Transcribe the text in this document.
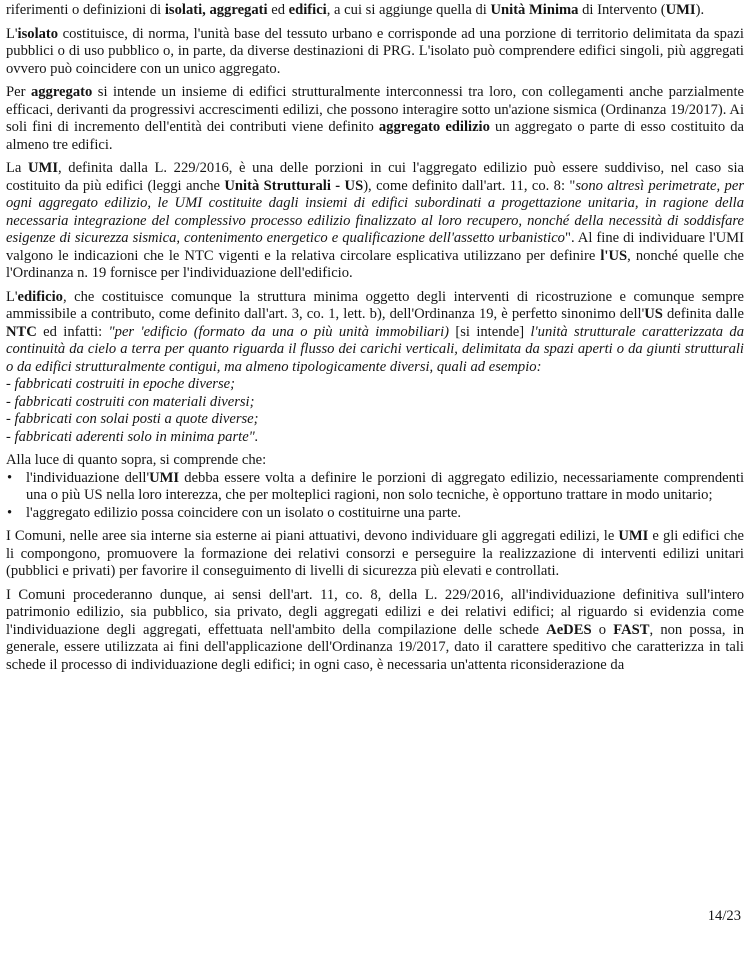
riferimenti o definizioni di isolati, aggregati ed edifici, a cui si aggiunge quella di Unità Minima di Intervento (UMI).

L'isolato costituisce, di norma, l'unità base del tessuto urbano e corrisponde ad una porzione di territorio delimitata da spazi pubblici o di uso pubblico o, in parte, da diverse destinazioni di PRG. L'isolato può comprendere edifici singoli, più aggregati ovvero può coincidere con un unico aggregato.

Per aggregato si intende un insieme di edifici strutturalmente interconnessi tra loro, con collegamenti anche parzialmente efficaci, derivanti da progressivi accrescimenti edilizi, che possono interagire sotto un'azione sismica (Ordinanza 19/2017). Ai soli fini di incremento dell'entità dei contributi viene definito aggregato edilizio un aggregato o parte di esso costituito da almeno tre edifici.

La UMI, definita dalla L. 229/2016, è una delle porzioni in cui l'aggregato edilizio può essere suddiviso, nel caso sia costituito da più edifici (leggi anche Unità Strutturali - US), come definito dall'art. 11, co. 8: "sono altresì perimetrate, per ogni aggregato edilizio, le UMI costituite dagli insiemi di edifici subordinati a progettazione unitaria, in ragione della necessaria integrazione del complessivo processo edilizio finalizzato al loro recupero, nonché della necessità di soddisfare esigenze di sicurezza sismica, contenimento energetico e qualificazione dell'assetto urbanistico". Al fine di individuare l'UMI valgono le indicazioni che le NTC vigenti e la relativa circolare esplicativa utilizzano per definire l'US, nonché quelle che l'Ordinanza n. 19 fornisce per l'individuazione dell'edificio.

L'edificio, che costituisce comunque la struttura minima oggetto degli interventi di ricostruzione e comunque sempre ammissibile a contributo, come definito dall'art. 3, co. 1, lett. b), dell'Ordinanza 19, è perfetto sinonimo dell'US definita dalle NTC ed infatti: "per 'edificio (formato da una o più unità immobiliari) [si intende] l'unità strutturale caratterizzata da continuità da cielo a terra per quanto riguarda il flusso dei carichi verticali, delimitata da spazi aperti o da giunti strutturali o da edifici strutturalmente contigui, ma almeno tipologicamente diversi, quali ad esempio:

- fabbricati costruiti in epoche diverse;
- fabbricati costruiti con materiali diversi;
- fabbricati con solai posti a quote diverse;
- fabbricati aderenti solo in minima parte".

Alla luce di quanto sopra, si comprende che:

• l'individuazione dell'UMI debba essere volta a definire le porzioni di aggregato edilizio, necessariamente comprendenti una o più US nella loro interezza, che per molteplici ragioni, non solo tecniche, è opportuno trattare in modo unitario;
• l'aggregato edilizio possa coincidere con un isolato o costituirne una parte.

I Comuni, nelle aree sia interne sia esterne ai piani attuativi, devono individuare gli aggregati edilizi, le UMI e gli edifici che li compongono, promuovere la formazione dei relativi consorzi e perseguire la realizzazione di interventi edilizi unitari (pubblici e privati) per favorire il conseguimento di livelli di sicurezza più elevati e controllati.

I Comuni procederanno dunque, ai sensi dell'art. 11, co. 8, della L. 229/2016, all'individuazione definitiva sull'intero patrimonio edilizio, sia pubblico, sia privato, degli aggregati edilizi e dei relativi edifici; al riguardo si evidenzia come l'individuazione degli aggregati, effettuata nell'ambito della compilazione delle schede AeDES o FAST, non possa, in generale, essere utilizzata ai fini dell'applicazione dell'Ordinanza 19/2017, dato il carattere speditivo che caratterizza in tali schede il processo di individuazione degli edifici; in ogni caso, è necessaria un'attenta riconsiderazione da

14/23
